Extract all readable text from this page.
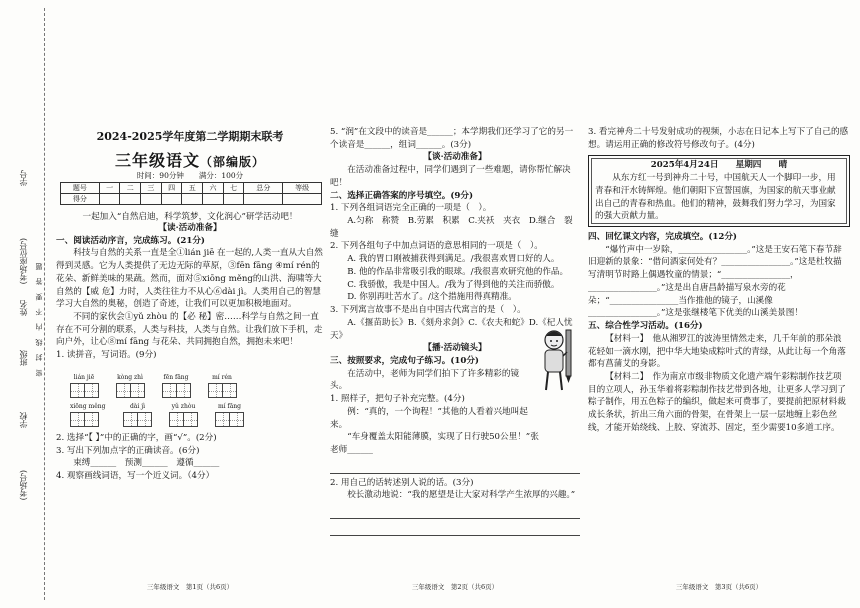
学号
姓名
(考场座位号)
班级
学校
(考场号)
密 封 线 内 不 要 答 题
2024-2025学年度第二学期期末联考
三年级语文（部编版）
时间：90分钟　　 满分：100分
题号	一	二	三	四	五	六	七	总分	等级
得分									
一起加入“自然启迪，科学筑梦，文化润心”研学活动吧！

【读·活动准备】

一、阅读活动序言，完成练习。(21分)

科技与自然的关系一直是全①lián jiē 在一起的,人类一直从大自然得到灵感。它为人类提供了无边无际的草原，③fēn fāng ④mí rén的花朵、新鲜美味的果蔬。然而，面对⑤xiōng měng的山洪、海啸等大自然的【威 危】力时，人类往往力不从心⑥dài jì。人类用自己的智慧学习大自然的奥秘，创造了奇迹，让我们可以更加积极地面对。

不同的家伙会①yǔ zhòu 的【必 秘】密……科学与自然之间一直存在不可分割的联系，人类与科技，人类与自然。让我们放下手机，走向户外，让心⑧mí fāng 与花朵、共同拥抱自然，拥抱未来吧！

1. 读拼音，写词语。(9分)

lián jiē	kòng zhì	fēn fāng	mí rén
xiōng měng	dài jì	yǔ zhòu	mí fāng

2. 选择“【 】”中的正确的字，画“√”。(2分)

3. 写出下列加点字的正确读音。(6分)

束缚______　预测______　遵循______

4. 观察画线词语，写一个近义词。（4分）

三年级语文　第1页（共6页）

5. “润”在文段中的读音是______；本学期我们还学习了它的另一个读音是______，组词______。(3分)

【谈·活动准备】

在活动准备过程中，同学们遇到了一些难题，请你帮忙解决吧！

二、选择正确答案的序号填空。(9分)

1. 下列各组词语完全正确的一项是（　）。

A.匀称　称赞　B.劳累　积累　C.夹袄　夹衣　D.继合　裂缝

2. 下列各组句子中加点词语的意思相同的一项是（　）。

A. 我的胃口刚被捕获得到满足。/我很喜欢胃口好的人。

B. 他的作品非常吸引我的眼球。/我很喜欢研究他的作品。

C. 我骄傲，我是中国人。/我为了得到他的关注而骄傲。

D. 你别再吐苦水了。/这个措施用得真精准。

3. 下列寓言故事不是出自中国古代寓言的是（　）。

A.《揠苗助长》B.《刻舟求剑》C.《农夫和蛇》D.《杞人忧天》

【播·活动镜头】

三、按照要求，完成句子练习。(10分)

在活动中，老师为同学们拍下了许多精彩的镜头。

1. 照样子，把句子补充完整。(4分)

例：“真的，一个询程！”其他的人看着兴地叫起来。

“车身覆盖太阳能薄膜，实现了日行驶50公里！”张老师______

2. 用自己的话转述别人说的话。(3分)

校长激动地说：“我的愿望是让大家对科学产生浓厚的兴趣。”

三年级语文　第2页（共6页）

3. 看完神舟二十号发射成功的视频，小志在日记本上写下了自己的感想。请运用正确的修改符号修改句子。(4分)

2025年4月24日　　星期四　　晴

从东方红一号到神舟二十号，中国航天人一个脚印一步，用青春和汗水铸辉煌。他们朝阳下宣誓国旗，为国家的航天事业献出自己的青春和热血。他们的精神，鼓舞我们努力学习，为国家的强大贡献力量。

四、回忆课文内容，完成填空。(12分)

“爆竹声中一岁除，________________。”这是王安石笔下春节辞旧迎新的景象：“借问酒家何处有？________________。”这是杜牧描写清明节时路上偶遇牧童的情景；“________________，________________。”这是出自唐昌龄描写泉水旁的花朵；“________________当作推他的镜子，山溪像________________。”这是张继楼笔下优美的山溪美景图！

五、综合性学习活动。(16分)

【材料一】　他从湘罗江的波涛里情然走来，几千年前的那朵浪花轻如一滴水刚，把中华大地染成粽叶式的青绿，从此让每一个角落都有菖蒲艾的身影。

【材料二】　作为南京市级非物质文化遗产端午彩粽制作技艺项目的立项人，孙玉华着将彩粽制作技艺带到各地，让更多人学习到了粽子制作，用五色粽子的编织，做起来可费事了，要提前把原材料裁成长条状，折出三角六面的骨架，在骨架上一层一层地缠上彩色丝线，才能开始绕线、上胶、穿流苏、固定，至少需要10多道工序。

三年级语文　第3页（共6页）
